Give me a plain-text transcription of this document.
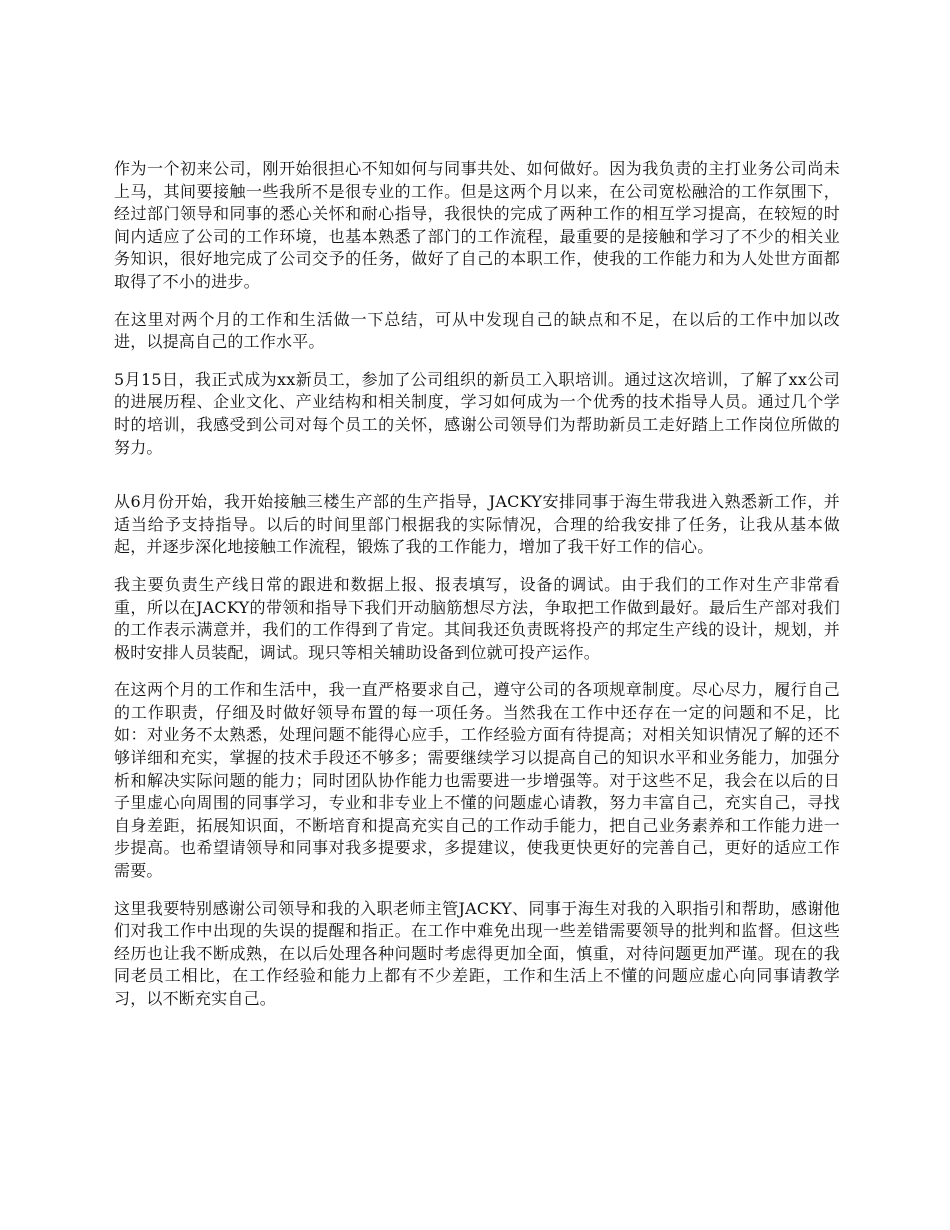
作为一个初来公司，刚开始很担心不知如何与同事共处、如何做好。因为我负责的主打业务公司尚未上马，其间要接触一些我所不是很专业的工作。但是这两个月以来，在公司宽松融洽的工作氛围下，经过部门领导和同事的悉心关怀和耐心指导，我很快的完成了两种工作的相互学习提高，在较短的时间内适应了公司的工作环境，也基本熟悉了部门的工作流程，最重要的是接触和学习了不少的相关业务知识，很好地完成了公司交予的任务，做好了自己的本职工作，使我的工作能力和为人处世方面都取得了不小的进步。

在这里对两个月的工作和生活做一下总结，可从中发现自己的缺点和不足，在以后的工作中加以改进，以提高自己的工作水平。

5月15日，我正式成为xx新员工，参加了公司组织的新员工入职培训。通过这次培训，了解了xx公司的进展历程、企业文化、产业结构和相关制度，学习如何成为一个优秀的技术指导人员。通过几个学时的培训，我感受到公司对每个员工的关怀，感谢公司领导们为帮助新员工走好踏上工作岗位所做的努力。

从6月份开始，我开始接触三楼生产部的生产指导，JACKY安排同事于海生带我进入熟悉新工作，并适当给予支持指导。以后的时间里部门根据我的实际情况，合理的给我安排了任务，让我从基本做起，并逐步深化地接触工作流程，锻炼了我的工作能力，增加了我干好工作的信心。

我主要负责生产线日常的跟进和数据上报、报表填写，设备的调试。由于我们的工作对生产非常看重，所以在JACKY的带领和指导下我们开动脑筋想尽方法，争取把工作做到最好。最后生产部对我们的工作表示满意并，我们的工作得到了肯定。其间我还负责既将投产的邦定生产线的设计，规划，并极时安排人员装配，调试。现只等相关辅助设备到位就可投产运作。

在这两个月的工作和生活中，我一直严格要求自己，遵守公司的各项规章制度。尽心尽力，履行自己的工作职责，仔细及时做好领导布置的每一项任务。当然我在工作中还存在一定的问题和不足，比如：对业务不太熟悉，处理问题不能得心应手，工作经验方面有待提高；对相关知识情况了解的还不够详细和充实，掌握的技术手段还不够多；需要继续学习以提高自己的知识水平和业务能力，加强分析和解决实际问题的能力；同时团队协作能力也需要进一步增强等。对于这些不足，我会在以后的日子里虚心向周围的同事学习，专业和非专业上不懂的问题虚心请教，努力丰富自己，充实自己，寻找自身差距，拓展知识面，不断培育和提高充实自己的工作动手能力，把自己业务素养和工作能力进一步提高。也希望请领导和同事对我多提要求，多提建议，使我更快更好的完善自己，更好的适应工作需要。

这里我要特别感谢公司领导和我的入职老师主管JACKY、同事于海生对我的入职指引和帮助，感谢他们对我工作中出现的失误的提醒和指正。在工作中难免出现一些差错需要领导的批判和监督。但这些经历也让我不断成熟，在以后处理各种问题时考虑得更加全面，慎重，对待问题更加严谨。现在的我同老员工相比，在工作经验和能力上都有不少差距，工作和生活上不懂的问题应虚心向同事请教学习，以不断充实自己。
